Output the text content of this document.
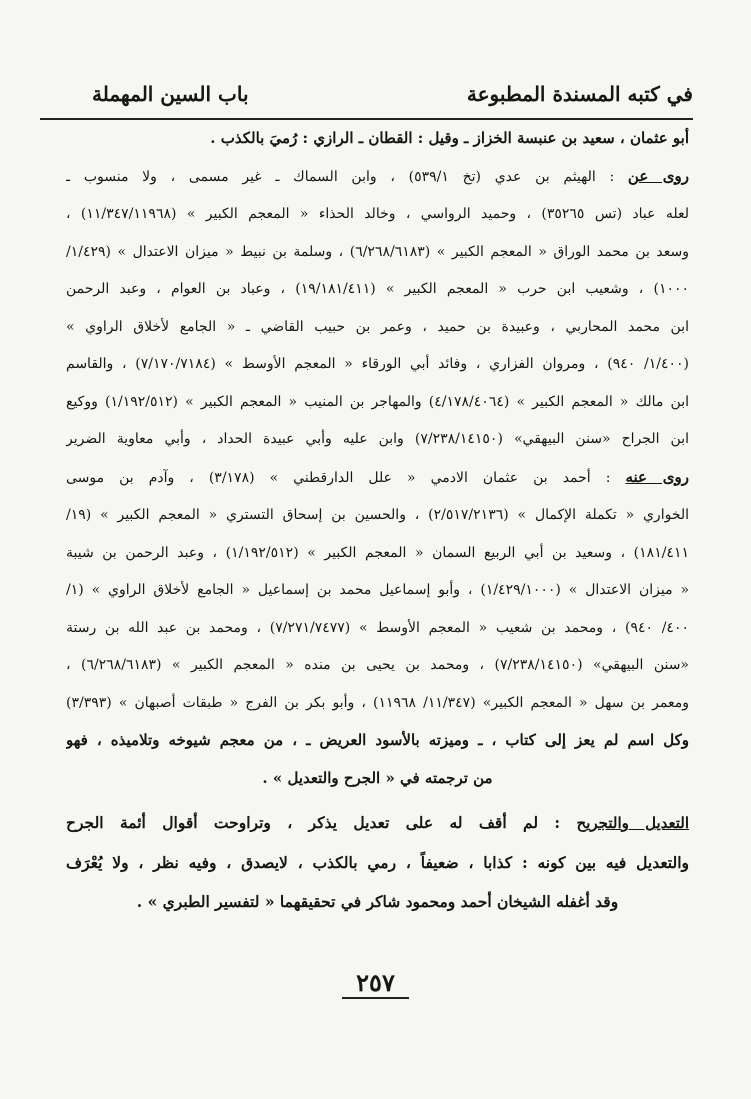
في كتبه المسندة المطبوعة
باب السين المهملة
أبو عثمان ، سعيد بن عنبسة الخزاز ـ وقيل : القطان ـ الرازي : رُميَ بالكذب .
روى عن : الهيثم بن عدي (تخ ٥٣٩/١) ، وابن السماك ـ غير مسمى ، ولا منسوب ـ
لعله عباد (تس ٣٥٢٦٥) ، وحميد الرواسي ، وخالد الحذاء « المعجم الكبير » (١١/٣٤٧/١١٩٦٨) ،
وسعد بن محمد الوراق « المعجم الكبير » (٦/٢٦٨/٦١٨٣) ، وسلمة بن نبيط « ميزان الاعتدال » (١/٤٢٩/
١٠٠٠) ، وشعيب ابن حرب « المعجم الكبير » (١٩/١٨١/٤١١) ، وعباد بن العوام ، وعبد الرحمن
ابن محمد المحاربي ، وعبيدة بن حميد ، وعمر بن حبيب القاضي ـ « الجامع لأخلاق الراوي »
(١/٤٠٠/ ٩٤٠) ، ومروان الفزاري ، وفائد أبي الورقاء « المعجم الأوسط » (٧/١٧٠/٧١٨٤) ، والقاسم
ابن مالك « المعجم الكبير » (٤/١٧٨/٤٠٦٤) والمهاجر بن المنيب « المعجم الكبير » (١/١٩٢/٥١٢) ووكيع
ابن الجراح «سنن البيهقي» (٧/٢٣٨/١٤١٥٠) وابن عليه وأبي عبيدة الحداد ، وأبي معاوية الضرير
روى عنه : أحمد بن عثمان الادمي « علل الدارقطني » (٣/١٧٨) ، وآدم بن موسى
الخواري « تكملة الإكمال » (٢/٥١٧/٢١٣٦) ، والحسين بن إسحاق التستري « المعجم الكبير » (١٩/
١٨١/٤١١) ، وسعيد بن أبي الربيع السمان « المعجم الكبير » (١/١٩٢/٥١٢) ، وعبد الرحمن بن شيبة
« ميزان الاعتدال » (١/٤٢٩/١٠٠٠) ، وأبو إسماعيل محمد بن إسماعيل « الجامع لأخلاق الراوي » (١/
٤٠٠/ ٩٤٠) ، ومحمد بن شعيب « المعجم الأوسط » (٧/٢٧١/٧٤٧٧) ، ومحمد بن عبد الله بن رستة
«سنن البيهقي» (٧/٢٣٨/١٤١٥٠) ، ومحمد بن يحيى بن منده « المعجم الكبير » (٦/٢٦٨/٦١٨٣) ،
ومعمر بن سهل « المعجم الكبير» (١١/٣٤٧/ ١١٩٦٨) ، وأبو بكر بن الفرج « طبقات أصبهان » (٣/٣٩٣)
وكل اسم لم يعز إلى كتاب ، ـ وميزته بالأسود العريض ـ ، من معجم شيوخه وتلاميذه ، فهو
من ترجمته في « الجرح والتعديل » .
التعديل والتجريح : لم أقف له على تعديل يذكر ، وتراوحت أقوال أئمة الجرح
والتعديل فيه بين كونه : كذابا ، ضعيفاً ، رمي بالكذب ، لايصدق ، وفيه نظر ، ولا يُعْرَف
وقد أغفله الشيخان أحمد ومحمود شاكر في تحقيقهما « لتفسير الطبري » .
٢٥٧
